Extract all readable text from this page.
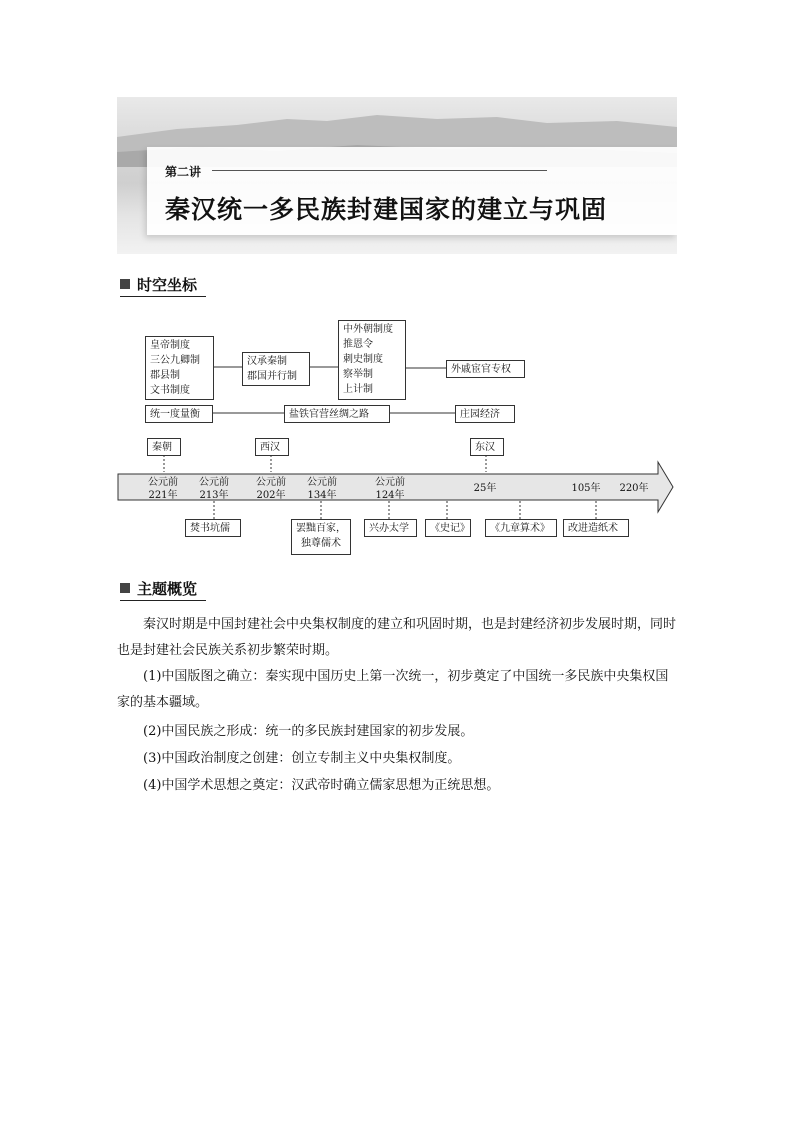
第二讲
秦汉统一多民族封建国家的建立与巩固
时空坐标
皇帝制度
三公九卿制
郡县制
文书制度
汉承秦制
郡国并行制
中外朝制度
推恩令
刺史制度
察举制
上计制
外戚宦官专权
统一度量衡	盐铁官营丝绸之路	庄园经济
秦朝	西汉	东汉
公元前
221年
公元前
213年
公元前
202年
公元前
134年
公元前
124年
25年	105年	220年
焚书坑儒	罢黜百家，独尊儒术
兴办太学	《史记》 《九章算术》 改进造纸术
主题概览
秦汉时期是中国封建社会中央集权制度的建立和巩固时期，也是封建经济初步发展时期，同时也是封建社会民族关系初步繁荣时期。
(1)中国版图之确立：秦实现中国历史上第一次统一，初步奠定了中国统一多民族中央集权国家的基本疆域。
(2)中国民族之形成：统一的多民族封建国家的初步发展。
(3)中国政治制度之创建：创立专制主义中央集权制度。
(4)中国学术思想之奠定：汉武帝时确立儒家思想为正统思想。
